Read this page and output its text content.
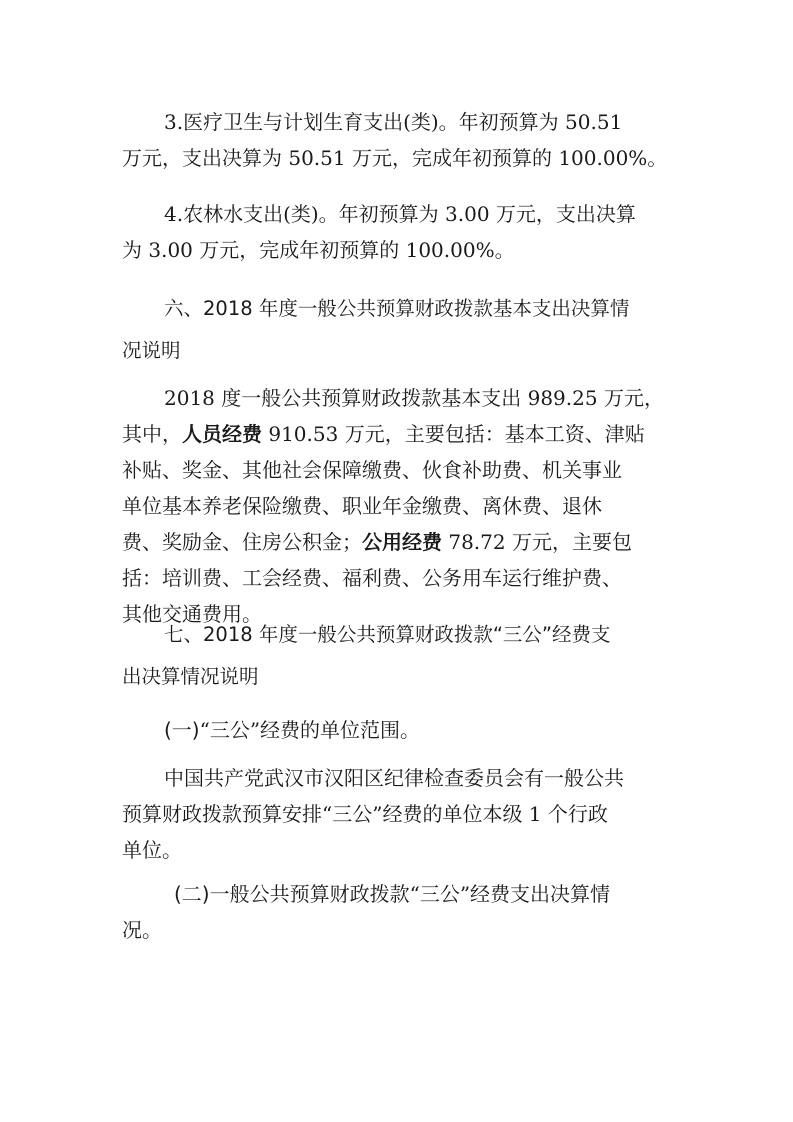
3.医疗卫生与计划生育支出(类)。年初预算为 50.51
万元，支出决算为 50.51 万元，完成年初预算的 100.00%。
4.农林水支出(类)。年初预算为 3.00 万元，支出决算
为 3.00 万元，完成年初预算的 100.00%。
六、2018 年度一般公共预算财政拨款基本支出决算情
况说明
2018 度一般公共预算财政拨款基本支出 989.25 万元，
其中，人员经费 910.53 万元，主要包括：基本工资、津贴
补贴、奖金、其他社会保障缴费、伙食补助费、机关事业
单位基本养老保险缴费、职业年金缴费、离休费、退休
费、奖励金、住房公积金；公用经费 78.72 万元，主要包
括：培训费、工会经费、福利费、公务用车运行维护费、
其他交通费用。
七、2018 年度一般公共预算财政拨款“三公”经费支
出决算情况说明
(一)“三公”经费的单位范围。
中国共产党武汉市汉阳区纪律检查委员会有一般公共
预算财政拨款预算安排“三公”经费的单位本级 1 个行政
单位。
(二)一般公共预算财政拨款“三公”经费支出决算情
况。
